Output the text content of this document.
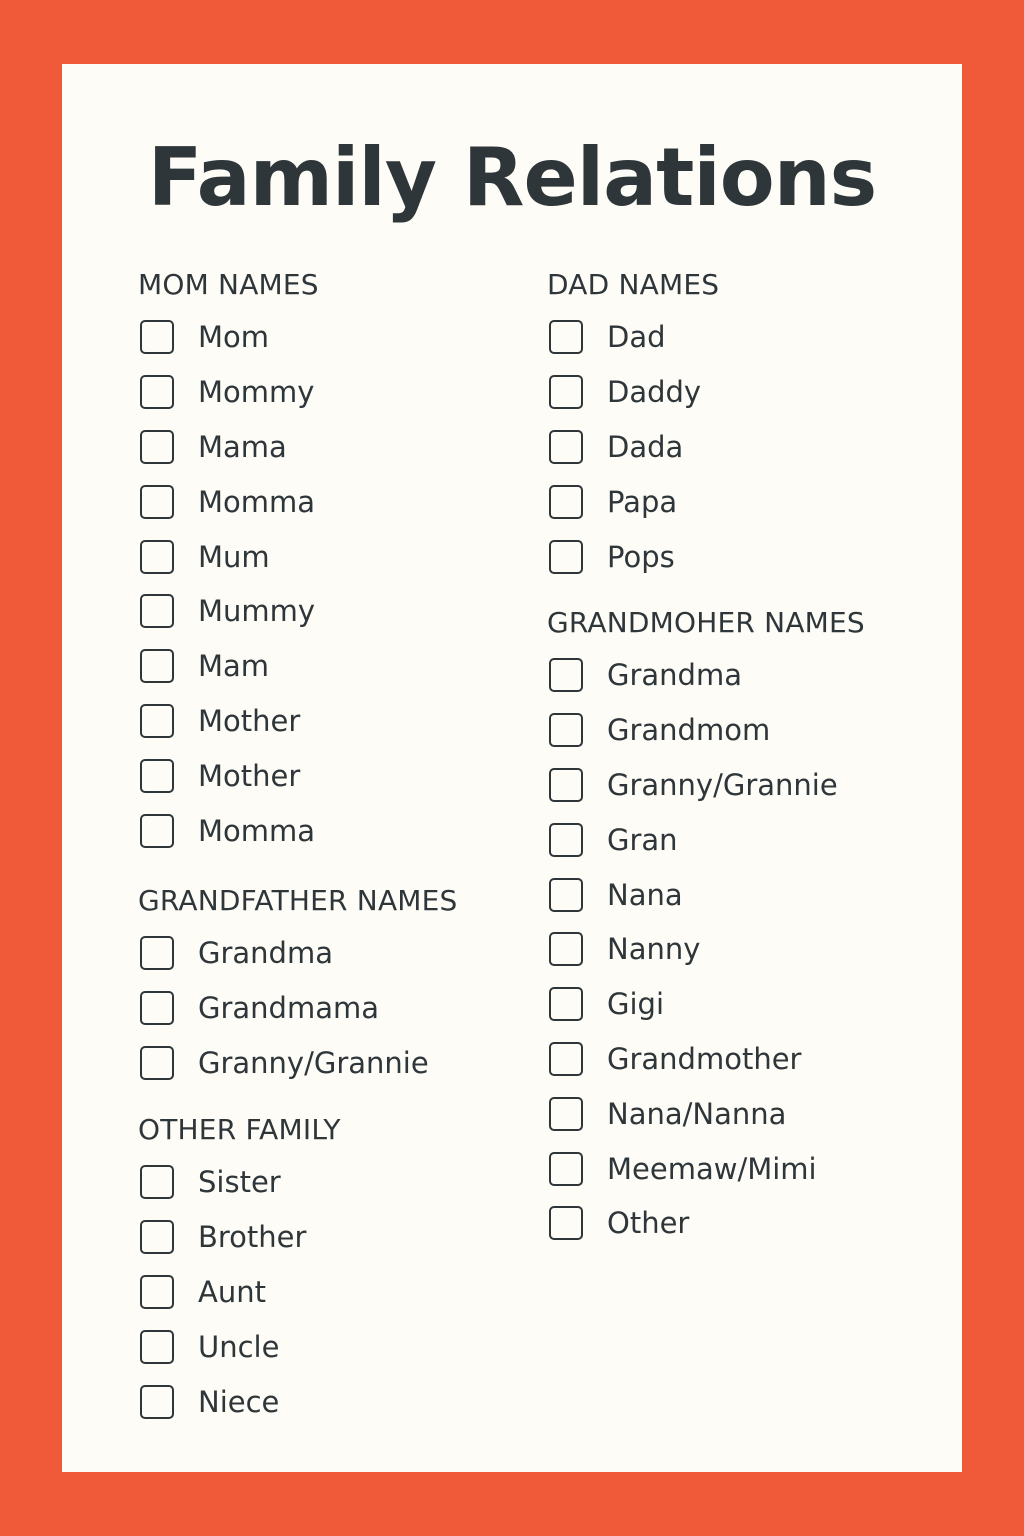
Family Relations
MOM NAMES
Mom
Mommy
Mama
Momma
Mum
Mummy
Mam
Mother
Mother
Momma
GRANDFATHER NAMES
Grandma
Grandmama
Granny/Grannie
OTHER FAMILY
Sister
Brother
Aunt
Uncle
Niece
DAD NAMES
Dad
Daddy
Dada
Papa
Pops
GRANDMOHER NAMES
Grandma
Grandmom
Granny/Grannie
Gran
Nana
Nanny
Gigi
Grandmother
Nana/Nanna
Meemaw/Mimi
Other
